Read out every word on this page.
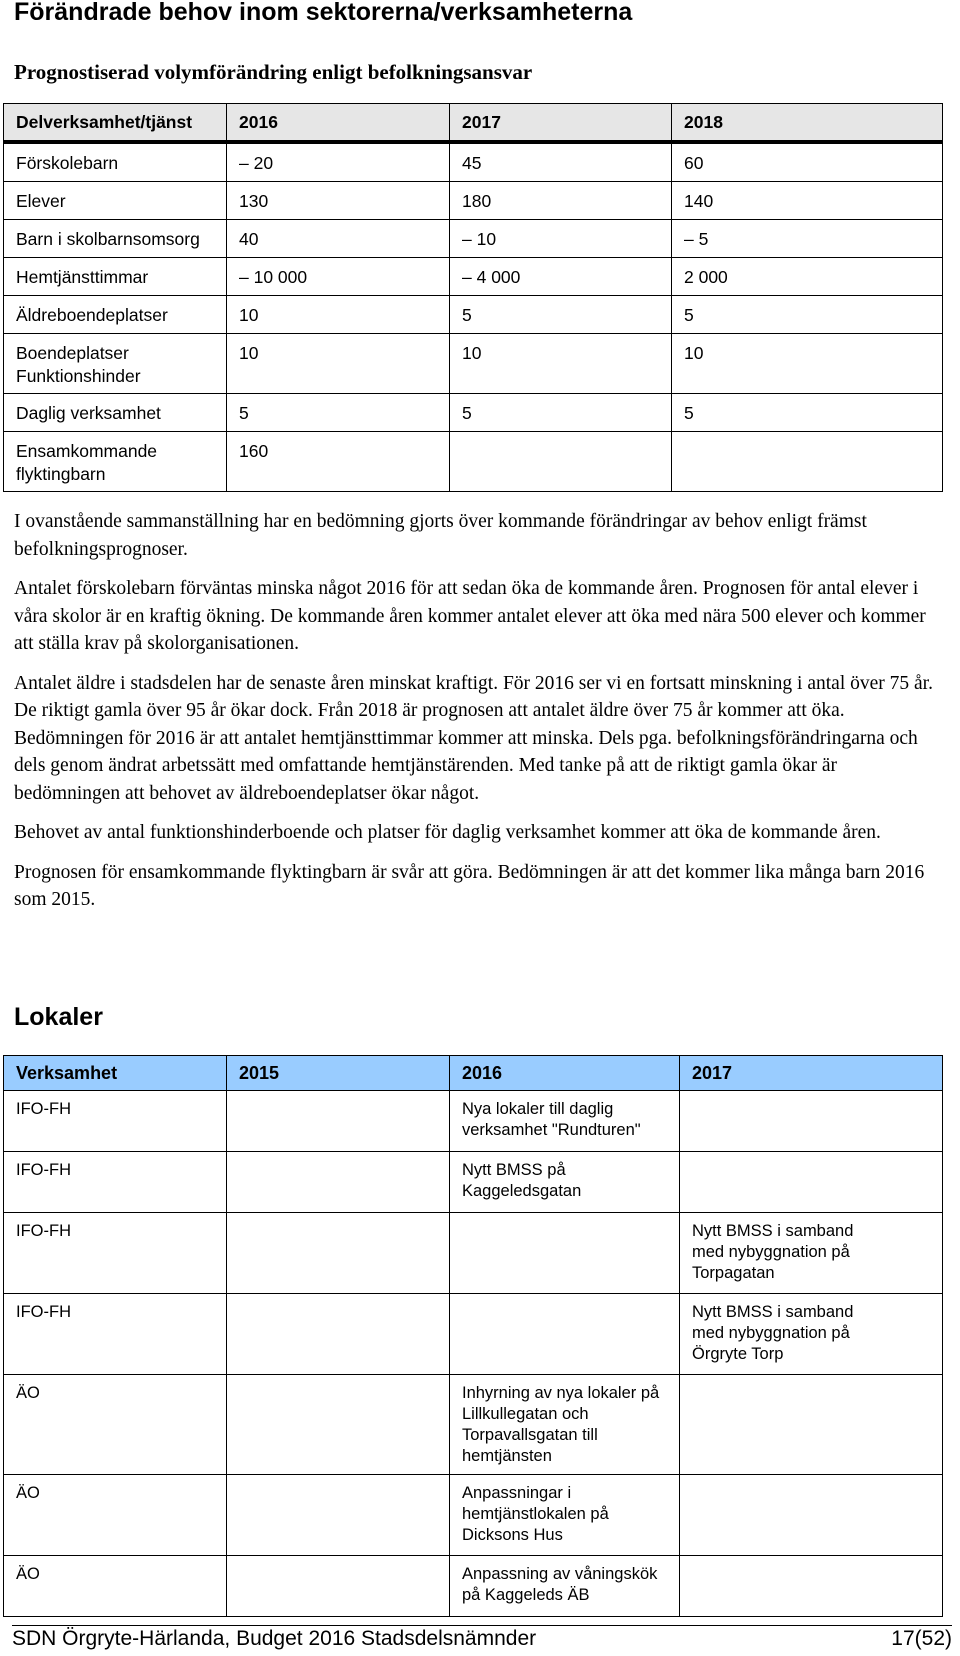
Förändrade behov inom sektorerna/verksamheterna
Prognostiserad volymförändring enligt befolkningsansvar
Delverksamhet/tjänst	2016	2017	2018
Förskolebarn	– 20	45	60
Elever	130	180	140
Barn i skolbarnsomsorg	40	– 10	– 5
Hemtjänsttimmar	– 10 000	– 4 000	2 000
Äldreboendeplatser	10	5	5
Boendeplatser
Funktionshinder	10	10	10
Daglig verksamhet	5	5	5
Ensamkommande
flyktingbarn	160		

I ovanstående sammanställning har en bedömning gjorts över kommande förändringar av behov enligt främst befolkningsprognoser.

Antalet förskolebarn förväntas minska något 2016 för att sedan öka de kommande åren. Prognosen för antal elever i våra skolor är en kraftig ökning. De kommande åren kommer antalet elever att öka med nära 500 elever och kommer att ställa krav på skolorganisationen.

Antalet äldre i stadsdelen har de senaste åren minskat kraftigt. För 2016 ser vi en fortsatt minskning i antal över 75 år. De riktigt gamla över 95 år ökar dock. Från 2018 är prognosen att antalet äldre över 75 år kommer att öka. Bedömningen för 2016 är att antalet hemtjänsttimmar kommer att minska. Dels pga. befolkningsförändringarna och dels genom ändrat arbetssätt med omfattande hemtjänstärenden. Med tanke på att de riktigt gamla ökar är bedömningen att behovet av äldreboendeplatser ökar något.

Behovet av antal funktionshinderboende och platser för daglig verksamhet kommer att öka de kommande åren.

Prognosen för ensamkommande flyktingbarn är svår att göra. Bedömningen är att det kommer lika många barn 2016 som 2015.

Lokaler
Verksamhet	2015	2016	2017
IFO-FH		Nya lokaler till daglig
verksamhet "Rundturen"	
IFO-FH		Nytt BMSS på
Kaggeledsgatan	
IFO-FH			Nytt BMSS i samband
med nybyggnation på
Torpagatan
IFO-FH			Nytt BMSS i samband
med nybyggnation på
Örgryte Torp
ÄO		Inhyrning av nya lokaler på
Lillkullegatan och
Torpavallsgatan till
hemtjänsten	
ÄO		Anpassningar i
hemtjänstlokalen på
Dicksons Hus	
ÄO		Anpassning av våningskök
på Kaggeleds ÄB	
SDN Örgryte-Härlanda, Budget 2016 Stadsdelsnämnder	17(52)
